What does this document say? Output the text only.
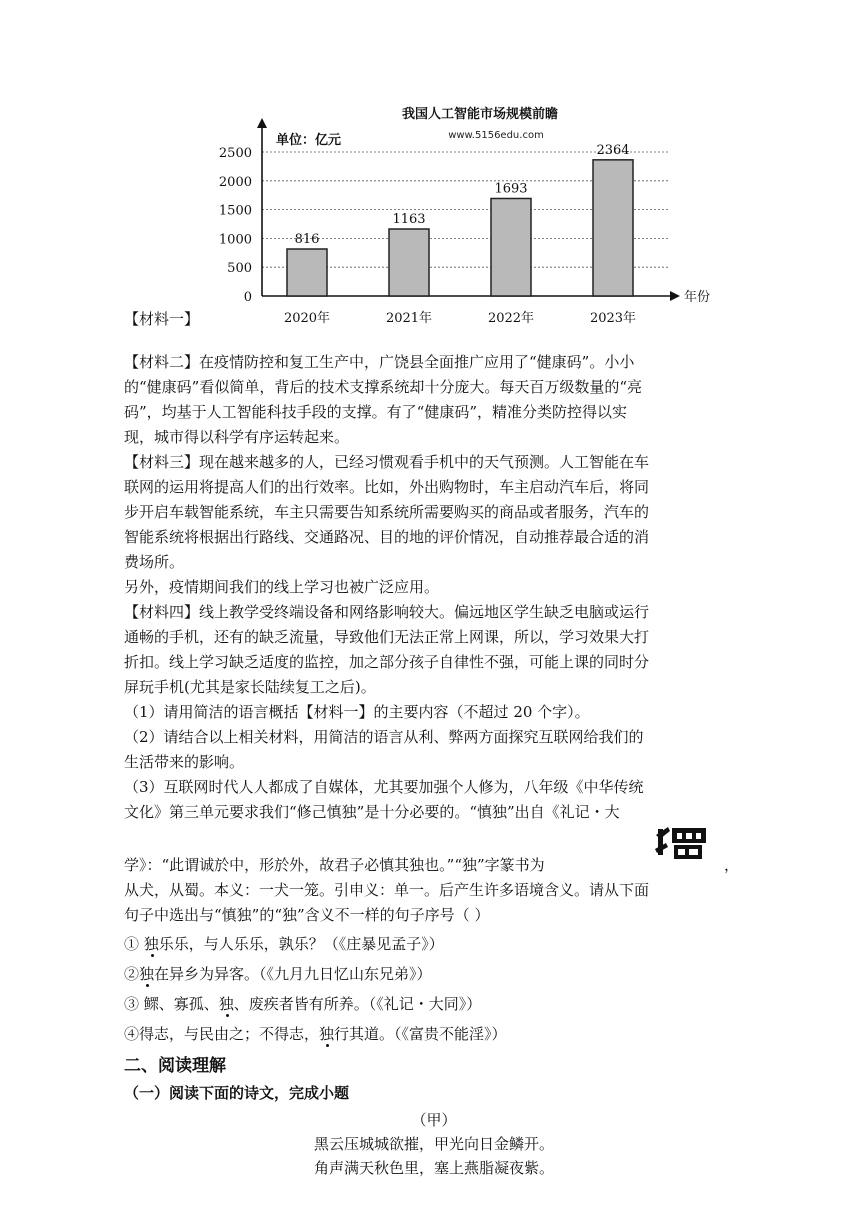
我国人工智能市场规模前瞻
www.5156edu.com
单位：亿元
0
500
1000
1500
2000
2500
年份
816
2020年
1163
2021年
1693
2022年
2364
2023年
【材料一】

【材料二】在疫情防控和复工生产中，广饶县全面推广应用了“健康码”。小小

的“健康码”看似简单，背后的技术支撑系统却十分庞大。每天百万级数量的“亮

码”，均基于人工智能科技手段的支撑。有了“健康码”，精准分类防控得以实

现，城市得以科学有序运转起来。

【材料三】现在越来越多的人，已经习惯观看手机中的天气预测。人工智能在车

联网的运用将提高人们的出行效率。比如，外出购物时，车主启动汽车后，将同

步开启车载智能系统，车主只需要告知系统所需要购买的商品或者服务，汽车的

智能系统将根据出行路线、交通路况、目的地的评价情况，自动推荐最合适的消

费场所。

另外，疫情期间我们的线上学习也被广泛应用。

【材料四】线上教学受终端设备和网络影响较大。偏远地区学生缺乏电脑或运行

通畅的手机，还有的缺乏流量，导致他们无法正常上网课，所以，学习效果大打

折扣。线上学习缺乏适度的监控，加之部分孩子自律性不强，可能上课的同时分

屏玩手机(尤其是家长陆续复工之后)。

（1）请用简洁的语言概括【材料一】的主要内容（不超过 20 个字）。

（2）请结合以上相关材料，用简洁的语言从利、弊两方面探究互联网给我们的

生活带来的影响。

（3）互联网时代人人都成了自媒体，尤其要加强个人修为，八年级《中华传统

文化》第三单元要求我们“修己慎独”是十分必要的。“慎独”出自《礼记・大

学》：“此谓诚於中，形於外，故君子必慎其独也。”“独”字篆书为	，

从犬，从蜀。本义：一犬一笼。引申义：单一。后产生许多语境含义。请从下面

句子中选出与“慎独”的“独”含义不一样的句子序号（ ）

① 独乐乐，与人乐乐，孰乐？（《庄暴见孟子》）

②独在异乡为异客。（《九月九日忆山东兄弟》）

③ 鳏、寡孤、独、废疾者皆有所养。（《礼记・大同》）

④得志，与民由之；不得志，独行其道。（《富贵不能淫》）

二、阅读理解
（一）阅读下面的诗文，完成小题

（甲）

黑云压城城欲摧，甲光向日金鳞开。

角声满天秋色里，塞上燕脂凝夜紫。
